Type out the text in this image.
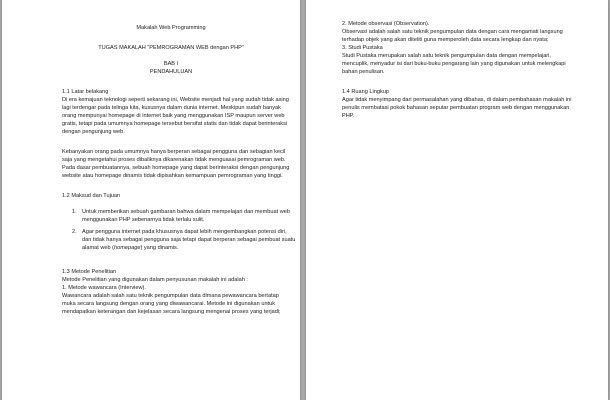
Makalah Web Programming
TUGAS MAKALAH “PEMROGRAMAN WEB dengan PHP”
BAB I
PENDAHULUAN
1.1 Latar belakang
Di era kemajuan teknologi seperti sekarang ini, Website menjadi hal yang sudah tidak asing
lagi terdengar pada telinga kita, kususnya dalam dunia internet. Meskipun sudah banyak
orang mempunyai homepage di internet baik yang menggunakan ISP maupun server web
gratis, tetapi pada umumnya homepage tersebut bersifat statis dan tidak dapat berinteraksi
dengan pengunjung web.
Kebanyakan orang pada umumnya hanya berperan sebagai pengguna dan sebagian kecil
saja yang mengetahui proses dibaliknya dikarenakan tidak menguasai pemrograman web.
Pada dasar pembuatannya, sebuah homepage yang dapat berinteraksi dengan pengunjung
website atau homepage dinamis tidak dipisahkan kemampuan pemrograman yang tinggi.
1.2 Maksud dan Tujuan
1. Untuk memberikan sebuah gambaran bahwa dalam mempelajari dan membuat web
menggunakan PHP sebenarnya tidak terlalu sulit.
2. Agar pengguna internet pada khususnya dapat lebih mengembangkan potensi diri,
dan tidak hanya sebagai pengguna saja tetapi dapat berperan sebagai pembuat suatu
alamat web (homepage) yang dinamis.
1.3 Metode Penelitian
Metode Penelitian yang digunakan dalam penyusunan makalah ini adalah :
1. Metode wawancara (Interview).
Wawancara adalah salah satu teknik pengumpulan data dimana pewawancara bertatap
muka secara langsung dengan orang yang diwawancarai. Metode ini digunakan untuk
mendapatkan keterangan dan kejelasan secara langsung mengenai proses yang terjadi;
2. Metode observasi (Observation).
Observasi adalah salah satu teknik pengumpulan data dengan cara mengamati langsung
terhadap objek yang akan diteliti guna memperoleh data secara lengkap dan nyata;
3. Studi Pustaka
Studi Pustaka merupakan salah satu teknik pengumpulan data dengan mempelajari,
mencuplik, menyadur isi dari buku-buku pengarang lain yang digunakan untuk melengkapi
bahan penulisan.
1.4 Ruang Lingkup
Agar tidak menyimpang dari permasalahan yang dibahas, di dalam pembahasan makalah ini
penulis membatasi pokok bahasan seputar pembuatan program web dengan menggunakan
PHP.
